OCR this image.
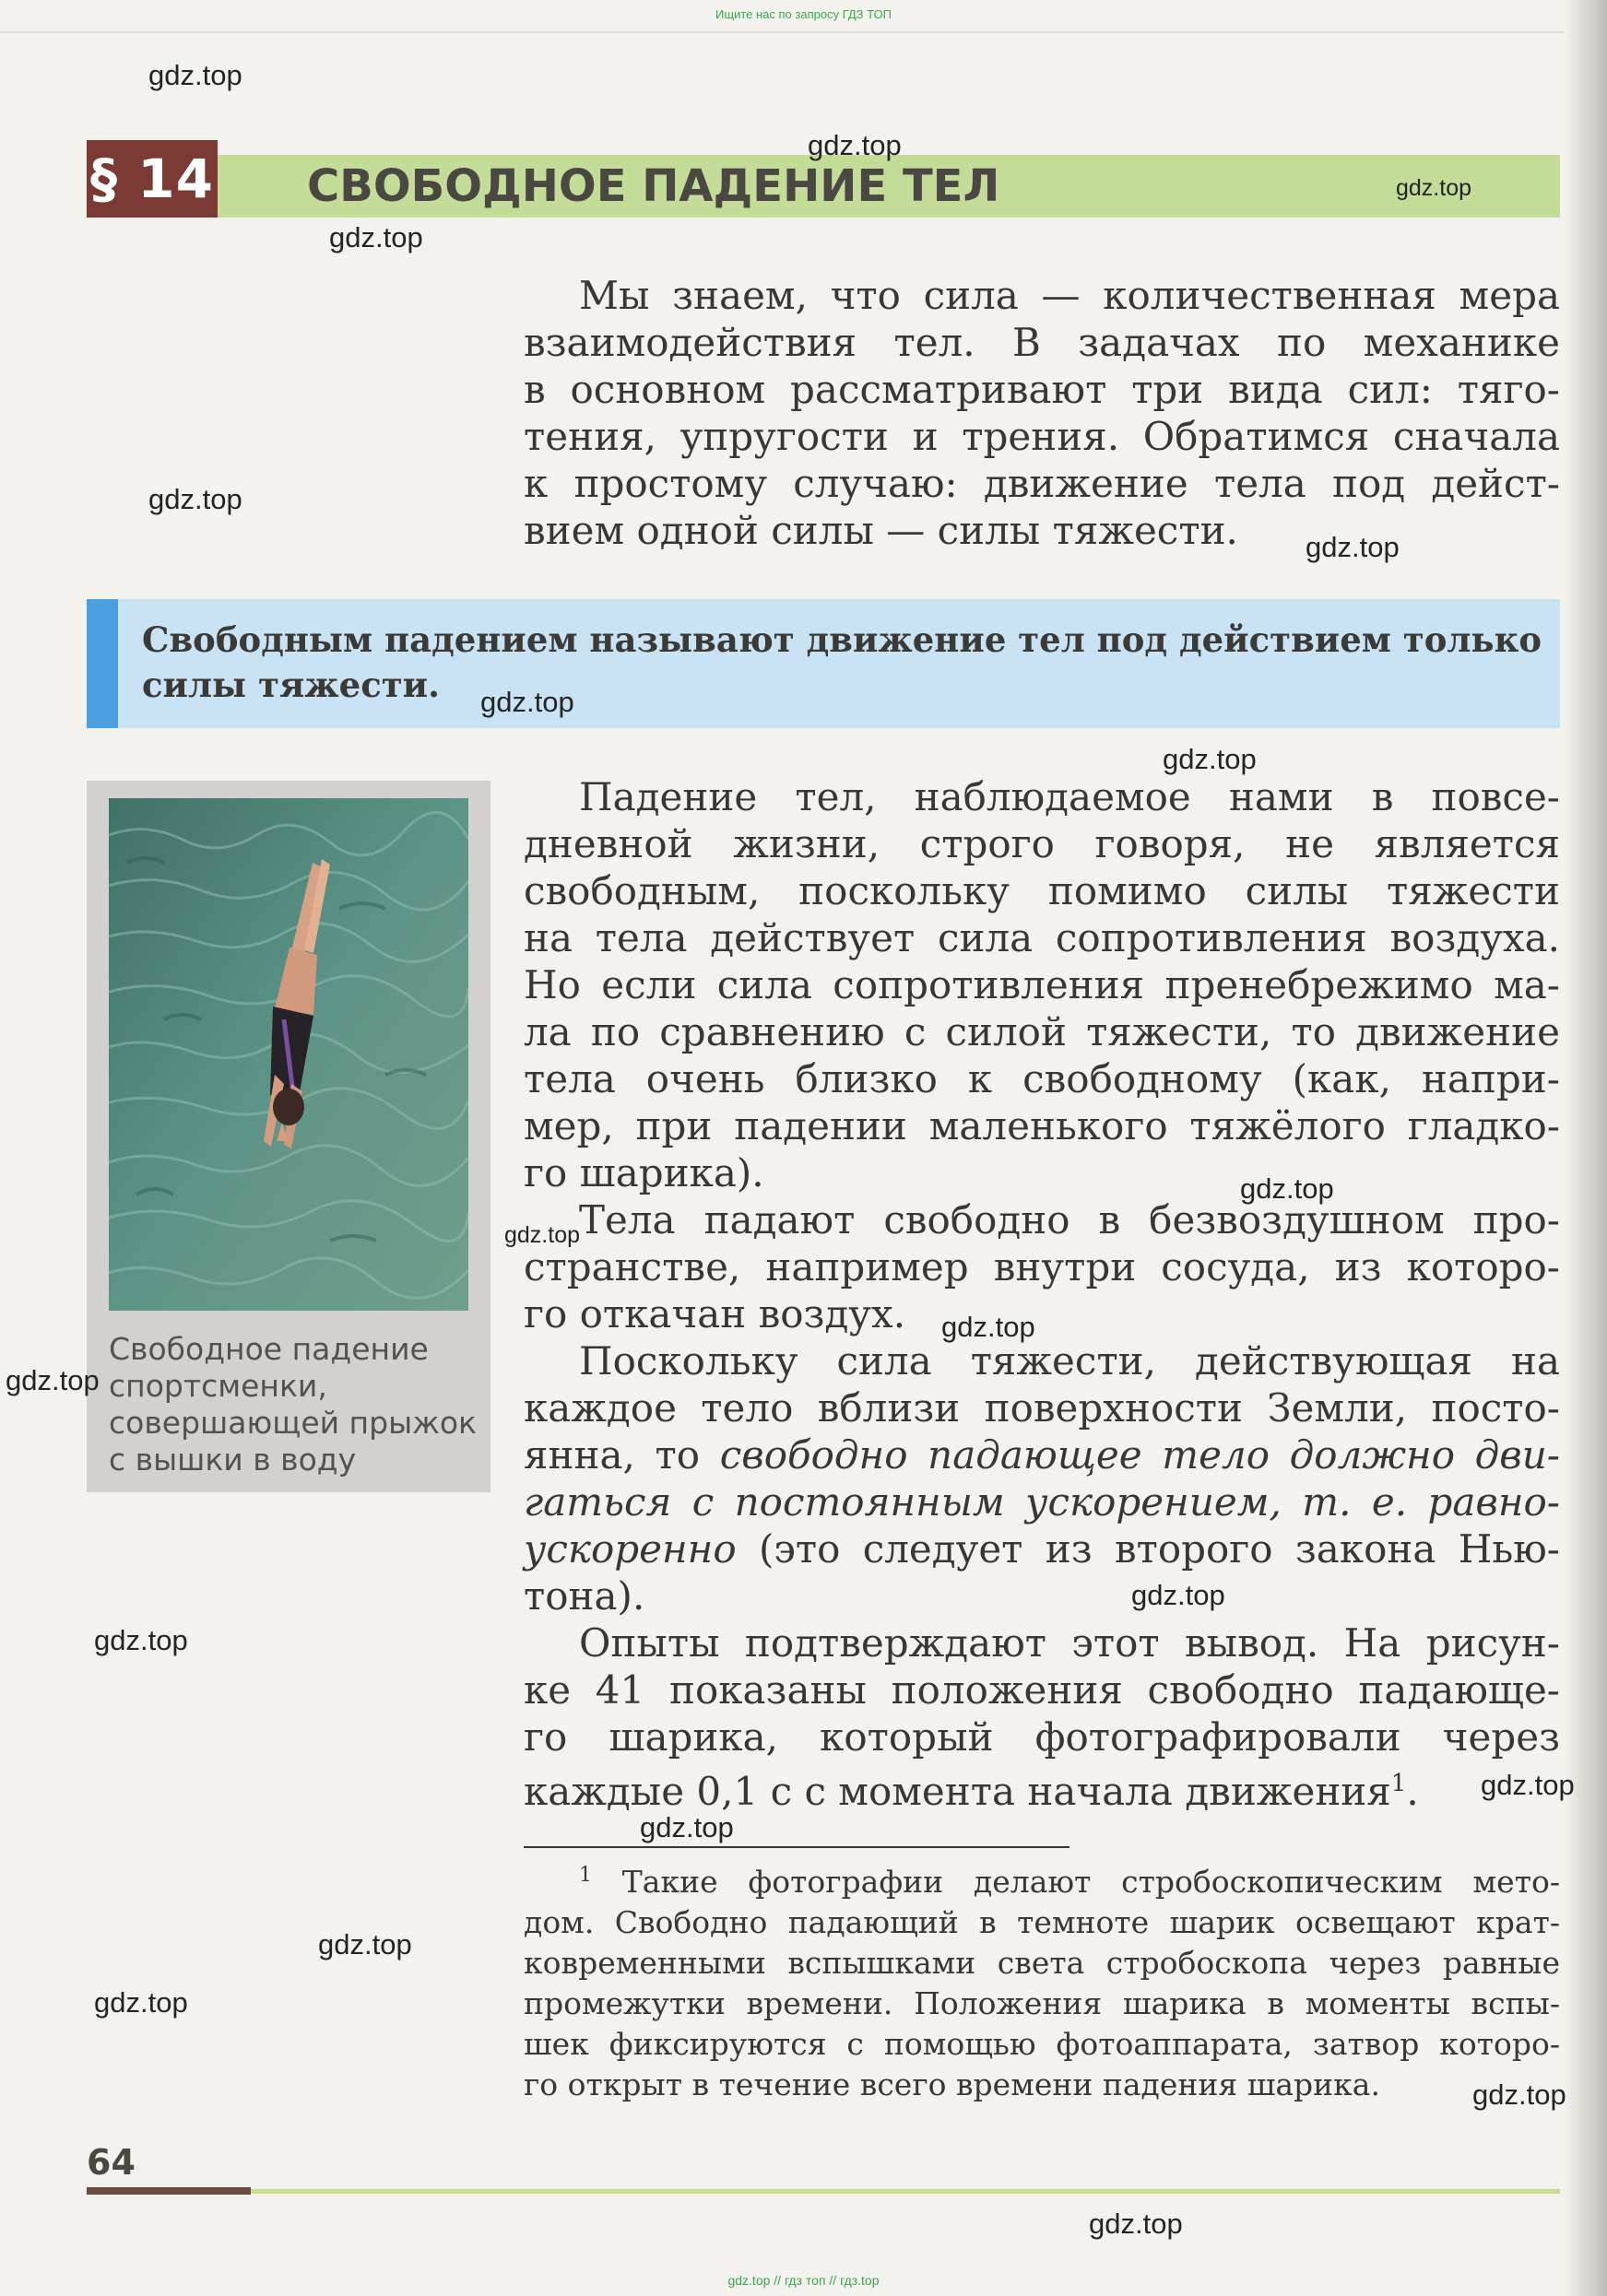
Ищите нас по запросу ГДЗ ТОП
§ 14 СВОБОДНОЕ ПАДЕНИЕ ТЕЛ
Мы знаем, что сила — количественная мера
взаимодействия тел. В задачах по механике
в основном рассматривают три вида сил: тяго-
тения, упругости и трения. Обратимся сначала
к простому случаю: движение тела под дейст-
вием одной силы — силы тяжести.
Свободным падением называют движение тел под действием только
силы тяжести.
Свободное падение
спортсменки,
совершающей прыжок
с вышки в воду
Падение тел, наблюдаемое нами в повсе-
дневной жизни, строго говоря, не является
свободным, поскольку помимо силы тяжести
на тела действует сила сопротивления воздуха.
Но если сила сопротивления пренебрежимо ма-
ла по сравнению с силой тяжести, то движение
тела очень близко к свободному (как, напри-
мер, при падении маленького тяжёлого гладко-
го шарика).
Тела падают свободно в безвоздушном про-
странстве, например внутри сосуда, из которо-
го откачан воздух.
Поскольку сила тяжести, действующая на
каждое тело вблизи поверхности Земли, посто-
янна, то свободно падающее тело должно дви-
гаться с постоянным ускорением, т. е. равно-
ускоренно (это следует из второго закона Нью-
тона).
Опыты подтверждают этот вывод. На рисун-
ке 41 показаны положения свободно падающе-
го шарика, который фотографировали через
каждые 0,1 с с момента начала движения$^1$.
$^1$ Такие фотографии делают стробоскопическим мето-
дом. Свободно падающий в темноте шарик освещают крат-
ковременными вспышками света стробоскопа через равные
промежутки времени. Положения шарика в моменты вспы-
шек фиксируются с помощью фотоаппарата, затвор которо-
го открыт в течение всего времени падения шарика.
64
gdz.top // гдз топ // гдз.top
gdz.top
gdz.top
gdz.top
gdz.top
gdz.top
gdz.top
gdz.top
gdz.top
gdz.top
gdz.top
gdz.top
gdz.top
gdz.top
gdz.top
gdz.top
gdz.top
gdz.top
gdz.top
gdz.top
gdz.top
